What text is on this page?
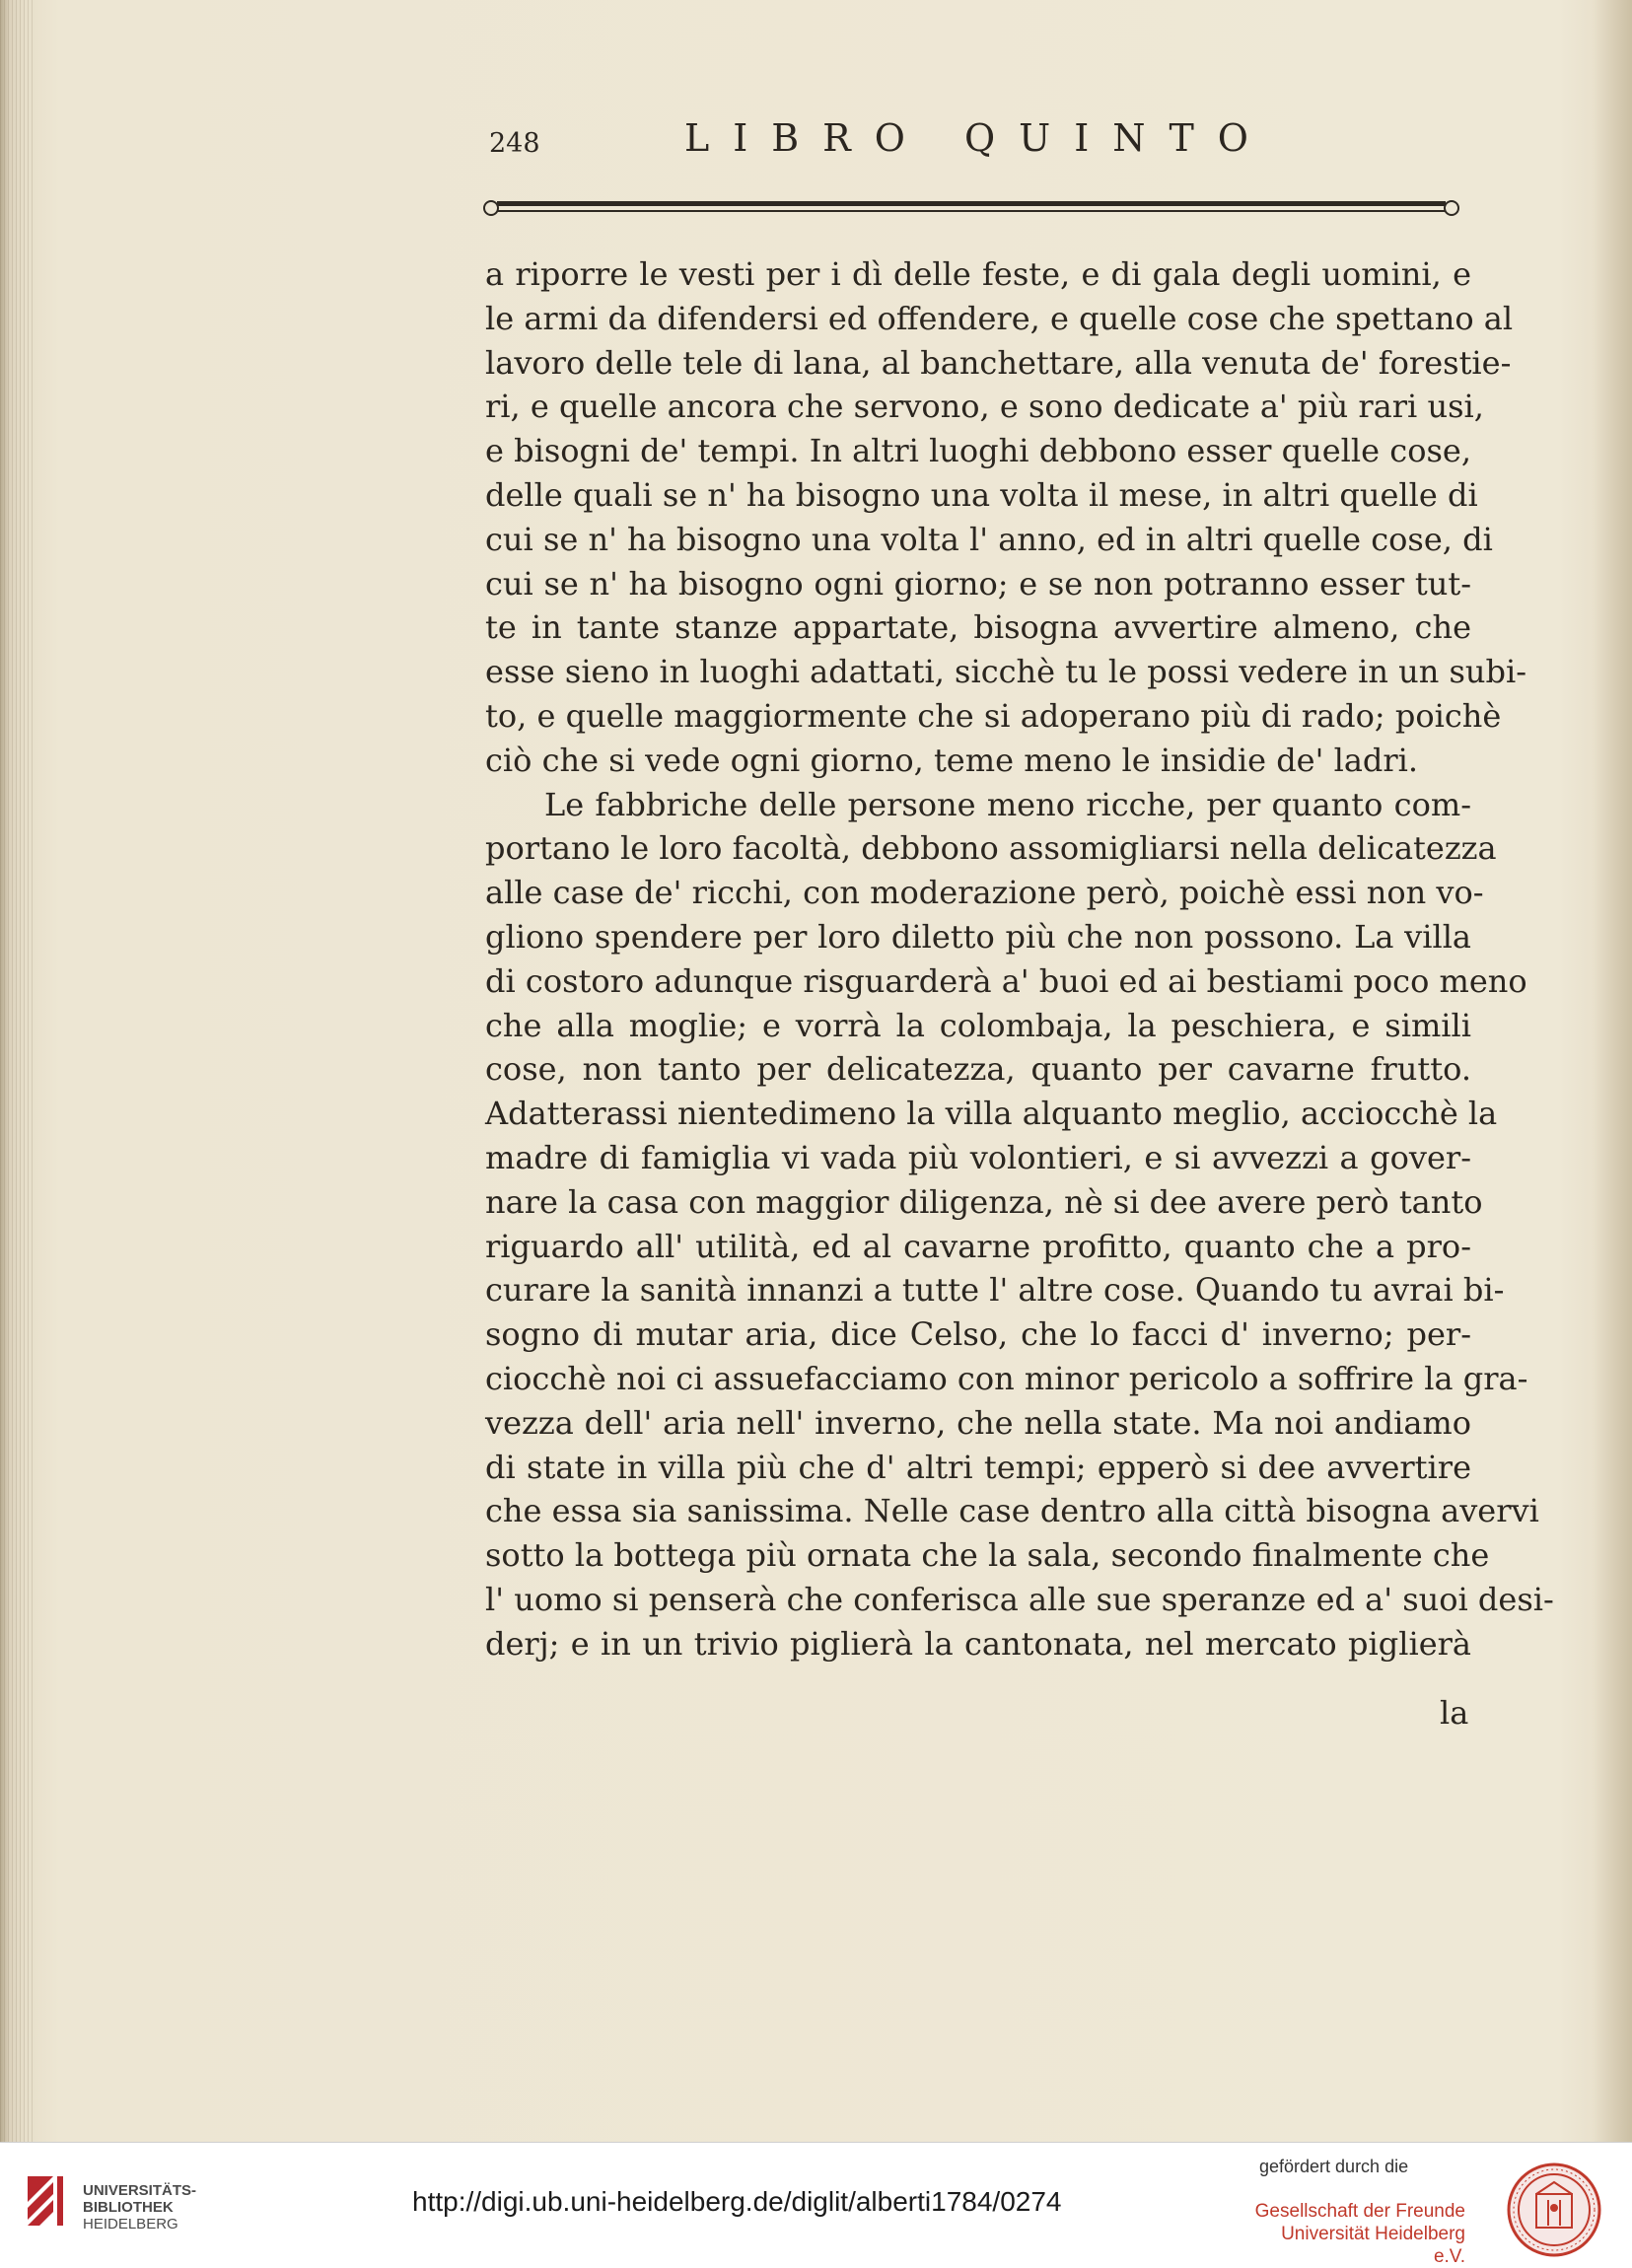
248	LIBRO QUINTO
a riporre le vesti per i dì delle feste, e di gala degli uomini, e
le armi da difendersi ed offendere, e quelle cose che spettano al
lavoro delle tele di lana, al banchettare, alla venuta de' forestie-
ri, e quelle ancora che servono, e sono dedicate a' più rari usi,
e bisogni de' tempi. In altri luoghi debbono esser quelle cose,
delle quali se n' ha bisogno una volta il mese, in altri quelle di
cui se n' ha bisogno una volta l' anno, ed in altri quelle cose, di
cui se n' ha bisogno ogni giorno; e se non potranno esser tut-
te in tante stanze appartate, bisogna avvertire almeno, che
esse sieno in luoghi adattati, sicchè tu le possi vedere in un subi-
to, e quelle maggiormente che si adoperano più di rado; poichè
ciò che si vede ogni giorno, teme meno le insidie de' ladri.
Le fabbriche delle persone meno ricche, per quanto com-
portano le loro facoltà, debbono assomigliarsi nella delicatezza
alle case de' ricchi, con moderazione però, poichè essi non vo-
gliono spendere per loro diletto più che non possono. La villa
di costoro adunque risguarderà a' buoi ed ai bestiami poco meno
che alla moglie; e vorrà la colombaja, la peschiera, e simili
cose, non tanto per delicatezza, quanto per cavarne frutto.
Adatterassi nientedimeno la villa alquanto meglio, acciocchè la
madre di famiglia vi vada più volontieri, e si avvezzi a gover-
nare la casa con maggior diligenza, nè si dee avere però tanto
riguardo all' utilità, ed al cavarne profitto, quanto che a pro-
curare la sanità innanzi a tutte l' altre cose. Quando tu avrai bi-
sogno di mutar aria, dice Celso, che lo facci d' inverno; per-
ciocchè noi ci assuefacciamo con minor pericolo a soffrire la gra-
vezza dell' aria nell' inverno, che nella state. Ma noi andiamo
di state in villa più che d' altri tempi; epperò si dee avvertire
che essa sia sanissima. Nelle case dentro alla città bisogna avervi
sotto la bottega più ornata che la sala, secondo finalmente che
l' uomo si penserà che conferisca alle sue speranze ed a' suoi desi-
derj; e in un trivio piglierà la cantonata, nel mercato piglierà
la
UNIVERSITÄTS-
BIBLIOTHEK
HEIDELBERG
http://digi.ub.uni-heidelberg.de/diglit/alberti1784/0274
gefördert durch die
Gesellschaft der Freunde
Universität Heidelberg e.V.
